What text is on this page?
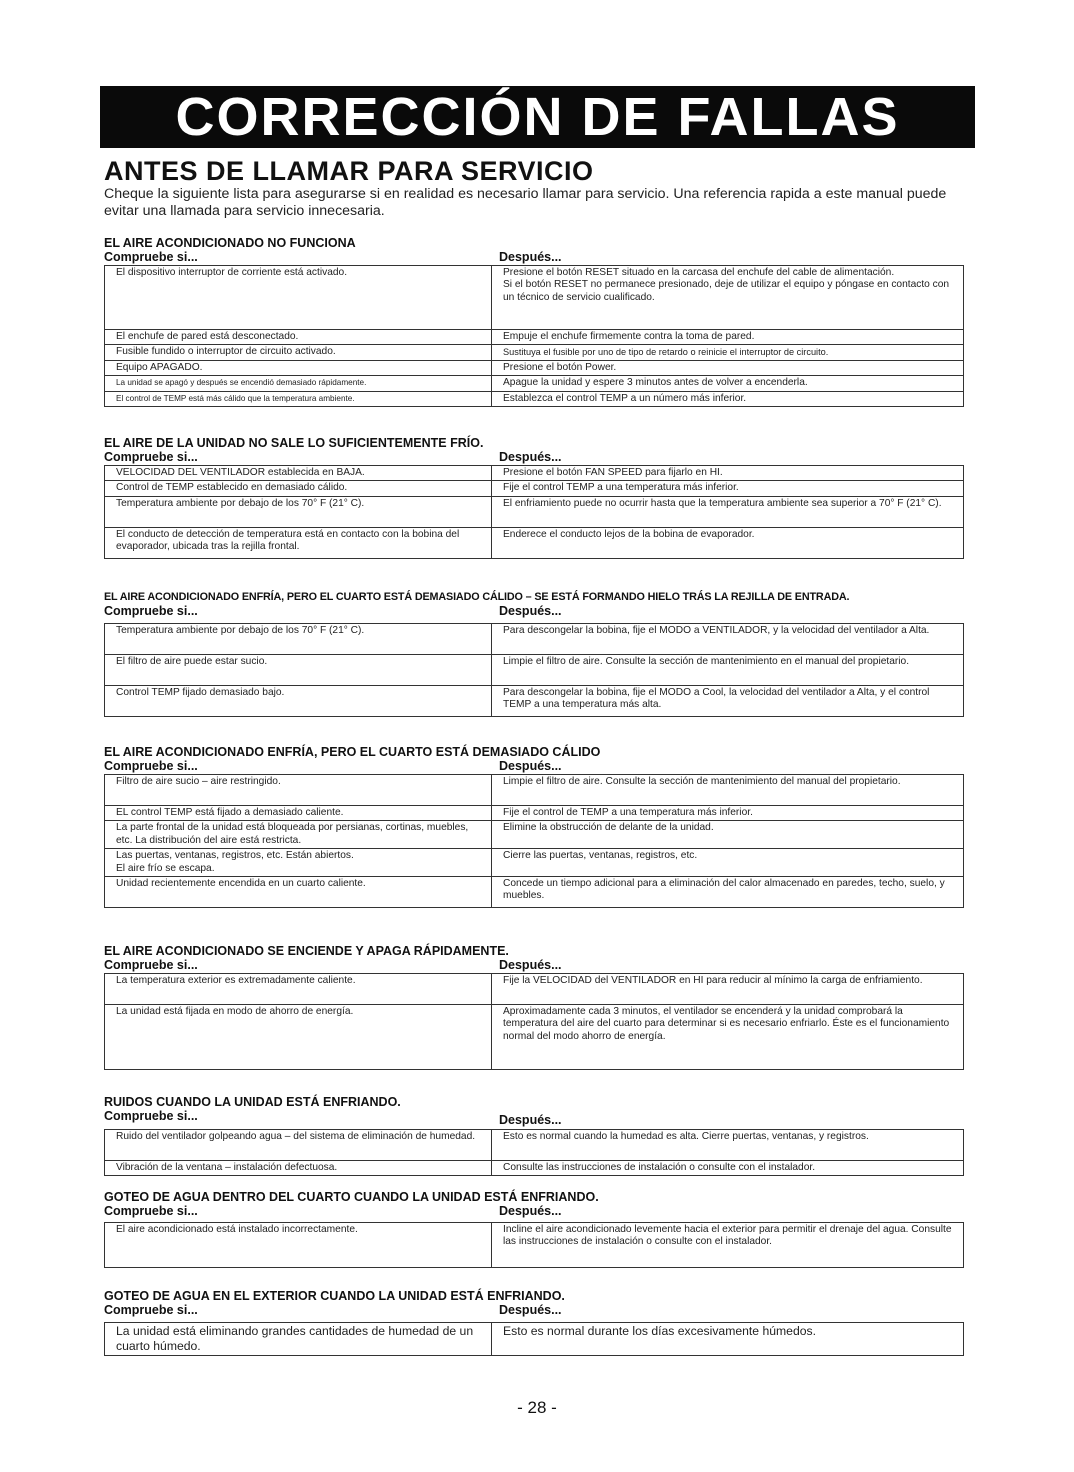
CORRECCIÓN DE FALLAS
ANTES DE LLAMAR PARA SERVICIO

Cheque la siguiente lista para asegurarse si en realidad es necesario llamar para servicio. Una referencia rapida a este manual puede evitar una llamada para servicio innecesaria.

EL AIRE ACONDICIONADO NO FUNCIONA
Compruebe si...	Después...
El dispositivo interruptor de corriente está activado.	Presione el botón RESET situado en la carcasa del enchufe del cable de alimentación.
Si el botón RESET no permanece presionado, deje de utilizar el equipo y póngase en contacto con un técnico de servicio cualificado.

El enchufe de pared está desconectado.	Empuje el enchufe firmemente contra la toma de pared.
Fusible fundido o interruptor de circuito activado.	Sustituya el fusible por uno de tipo de retardo o reinicie el interruptor de circuito.
Equipo APAGADO.	Presione el botón Power.
La unidad se apagó y después se encendió demasiado rápidamente.	Apague la unidad y espere 3 minutos antes de volver a encenderla.
El control de TEMP está más cálido que la temperatura ambiente.	Establezca el control TEMP a un número más inferior.
EL AIRE DE LA UNIDAD NO SALE LO SUFICIENTEMENTE FRÍO.
Compruebe si...	Después...
VELOCIDAD DEL VENTILADOR establecida en BAJA.	Presione el botón FAN SPEED para fijarlo en HI.
Control de TEMP establecido en demasiado cálido.	Fije el control TEMP a una temperatura más inferior.
Temperatura ambiente por debajo de los 70° F (21° C).	El enfriamiento puede no ocurrir hasta que la temperatura ambiente sea superior a 70° F (21° C).
El conducto de detección de temperatura está en contacto con la bobina del evaporador, ubicada tras la rejilla frontal.	Enderece el conducto lejos de la bobina de evaporador.
EL AIRE ACONDICIONADO ENFRÍA, PERO EL CUARTO ESTÁ DEMASIADO CÁLIDO – SE ESTÁ FORMANDO HIELO TRÁS LA REJILLA DE ENTRADA.
Compruebe si...	Después...
Temperatura ambiente por debajo de los 70° F (21° C).	Para descongelar la bobina, fije el MODO a VENTILADOR, y la velocidad del ventilador a Alta.
El filtro de aire puede estar sucio.	Limpie el filtro de aire. Consulte la sección de mantenimiento en el manual del propietario.
Control TEMP fijado demasiado bajo.	Para descongelar la bobina, fije el MODO a Cool, la velocidad del ventilador a Alta, y el control TEMP a una temperatura más alta.
EL AIRE ACONDICIONADO ENFRÍA, PERO EL CUARTO ESTÁ DEMASIADO CÁLIDO
Compruebe si...	Después...
Filtro de aire sucio – aire restringido.	Limpie el filtro de aire. Consulte la sección de mantenimiento del manual del propietario.
EL control TEMP está fijado a demasiado caliente.	Fije el control de TEMP a una temperatura más inferior.
La parte frontal de la unidad está bloqueada por persianas, cortinas, muebles, etc. La distribución del aire está restricta.	Elimine la obstrucción de delante de la unidad.
Las puertas, ventanas, registros, etc. Están abiertos.
El aire frío se escapa.	Cierre las puertas, ventanas, registros, etc.
Unidad recientemente encendida en un cuarto caliente.	Concede un tiempo adicional para a eliminación del calor almacenado en paredes, techo, suelo, y muebles.
EL AIRE ACONDICIONADO SE ENCIENDE Y APAGA RÁPIDAMENTE.
Compruebe si...	Después...
La temperatura exterior es extremadamente caliente.	Fije la VELOCIDAD del VENTILADOR en HI para reducir al mínimo la carga de enfriamiento.
La unidad está fijada en modo de ahorro de energía.	Aproximadamente cada 3 minutos, el ventilador se encenderá y la unidad comprobará la temperatura del aire del cuarto para determinar si es necesario enfriarlo. Éste es el funcionamiento normal del modo ahorro de energía.
RUIDOS CUANDO LA UNIDAD ESTÁ ENFRIANDO.
Compruebe si...	Después...
Ruido del ventilador golpeando agua – del sistema de eliminación de humedad.	Esto es normal cuando la humedad es alta. Cierre puertas, ventanas, y registros.
Vibración de la ventana – instalación defectuosa.	Consulte las instrucciones de instalación o consulte con el instalador.
GOTEO DE AGUA DENTRO DEL CUARTO CUANDO LA UNIDAD ESTÁ ENFRIANDO.
Compruebe si...	Después...
El aire acondicionado está instalado incorrectamente.	Incline el aire acondicionado levemente hacia el exterior para permitir el drenaje del agua. Consulte las instrucciones de instalación o consulte con el instalador.
GOTEO DE AGUA EN EL EXTERIOR CUANDO LA UNIDAD ESTÁ ENFRIANDO.
Compruebe si...	Después...
La unidad está eliminando grandes cantidades de humedad de un cuarto húmedo.	Esto es normal durante los días excesivamente húmedos.
- 28 -
